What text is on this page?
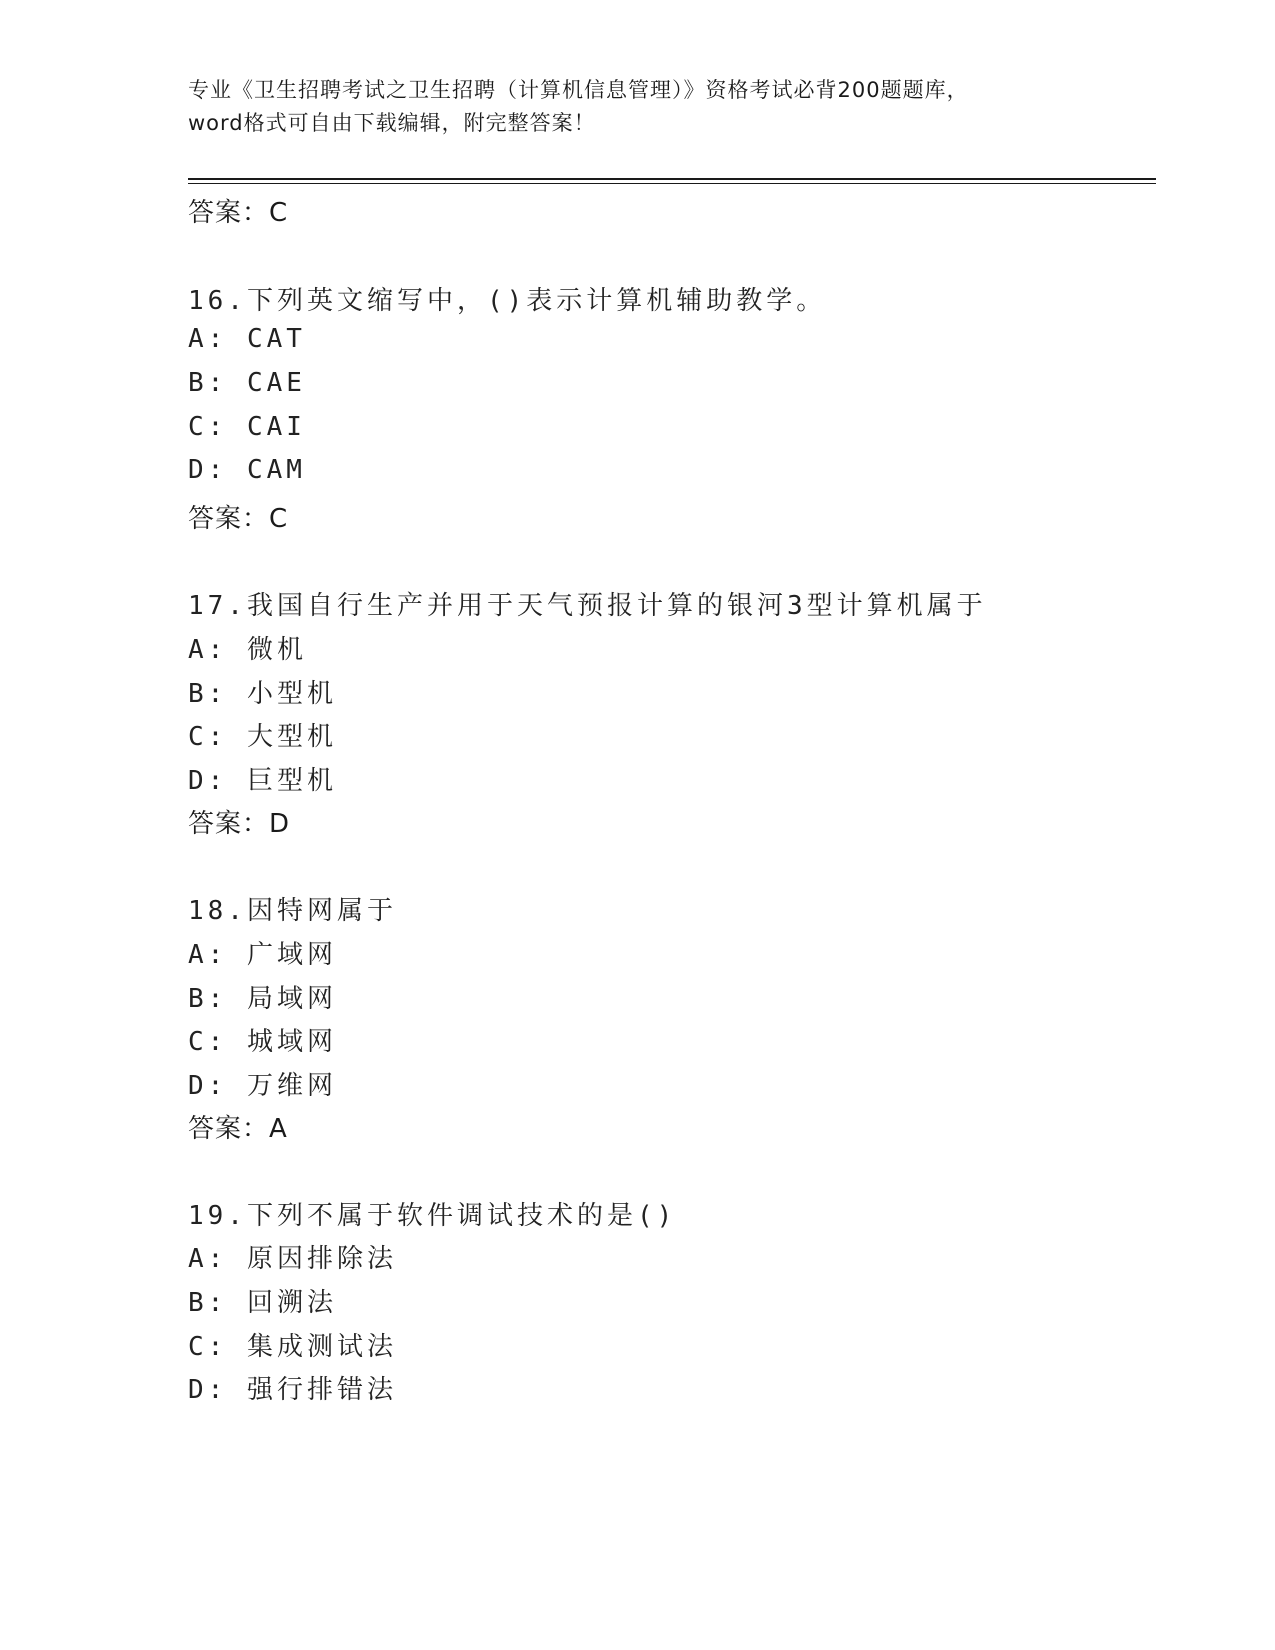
专业《卫生招聘考试之卫生招聘（计算机信息管理）》资格考试必背200题题库，
word格式可自由下载编辑，附完整答案！
答案：C
16.下列英文缩写中，()表示计算机辅助教学。
A: CAT
B: CAE
C: CAI
D: CAM
答案：C
17.我国自行生产并用于天气预报计算的银河3型计算机属于
A: 微机
B: 小型机
C: 大型机
D: 巨型机
答案：D
18.因特网属于
A: 广域网
B: 局域网
C: 城域网
D: 万维网
答案：A
19.下列不属于软件调试技术的是()
A: 原因排除法
B: 回溯法
C: 集成测试法
D: 强行排错法
